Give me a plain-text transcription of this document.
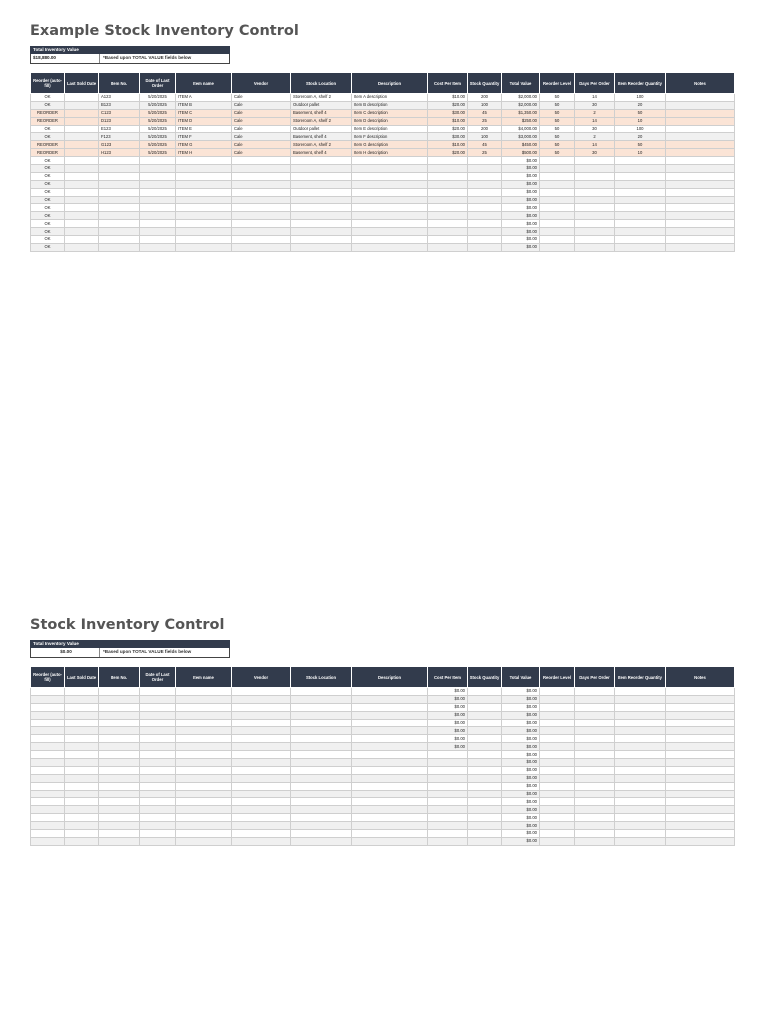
Example Stock Inventory Control
Total Inventory Value
$18,880.00	*Based upon TOTAL VALUE fields below
Reorder (auto-fill)	Last Sold Date	Item No.	Date of Last Order	Item name	Vendor	Stock Location	Description	Cost Per Item	Stock Quantity	Total Value	Reorder Level	Days Per Order	Item Reorder Quantity	Notes
OK		A123	5/20/2025	ITEM A	Cale	Storeroom A, shelf 2	Item A description	$10.00	200	$2,000.00	50	14	100	
OK		B123	5/20/2025	ITEM B	Cale	Outdoor pallet	Item B description	$20.00	100	$2,000.00	50	30	20	
REORDER		C123	5/20/2025	ITEM C	Cale	Basement, shelf 4	Item C description	$30.00	45	$1,350.00	50	2	50	
REORDER		D123	5/20/2025	ITEM D	Cale	Storeroom A, shelf 2	Item D description	$10.00	25	$250.00	50	14	10	
OK		E123	5/20/2025	ITEM E	Cale	Outdoor pallet	Item E description	$20.00	200	$4,000.00	50	30	100	
OK		F123	5/20/2025	ITEM F	Cale	Basement, shelf 4	Item F description	$30.00	100	$3,000.00	50	2	20	
REORDER		G123	5/20/2025	ITEM G	Cale	Storeroom A, shelf 2	Item G description	$10.00	45	$450.00	50	14	50	
REORDER		H123	5/20/2025	ITEM H	Cale	Basement, shelf 4	Item H description	$20.00	25	$500.00	50	30	10	
OK										$0.00				
OK										$0.00				
OK										$0.00				
OK										$0.00				
OK										$0.00				
OK										$0.00				
OK										$0.00				
OK										$0.00				
OK										$0.00				
OK										$0.00				
OK										$0.00				
OK										$0.00				
Stock Inventory Control
Total Inventory Value
$0.00	*Based upon TOTAL VALUE fields below
Reorder (auto-fill)	Last Sold Date	Item No.	Date of Last Order	Item name	Vendor	Stock Location	Description	Cost Per Item	Stock Quantity	Total Value	Reorder Level	Days Per Order	Item Reorder Quantity	Notes
								$0.00		$0.00				
								$0.00		$0.00				
								$0.00		$0.00				
								$0.00		$0.00				
								$0.00		$0.00				
								$0.00		$0.00				
								$0.00		$0.00				
								$0.00		$0.00				
										$0.00				
										$0.00				
										$0.00				
										$0.00				
										$0.00				
										$0.00				
										$0.00				
										$0.00				
										$0.00				
										$0.00				
										$0.00				
										$0.00				
